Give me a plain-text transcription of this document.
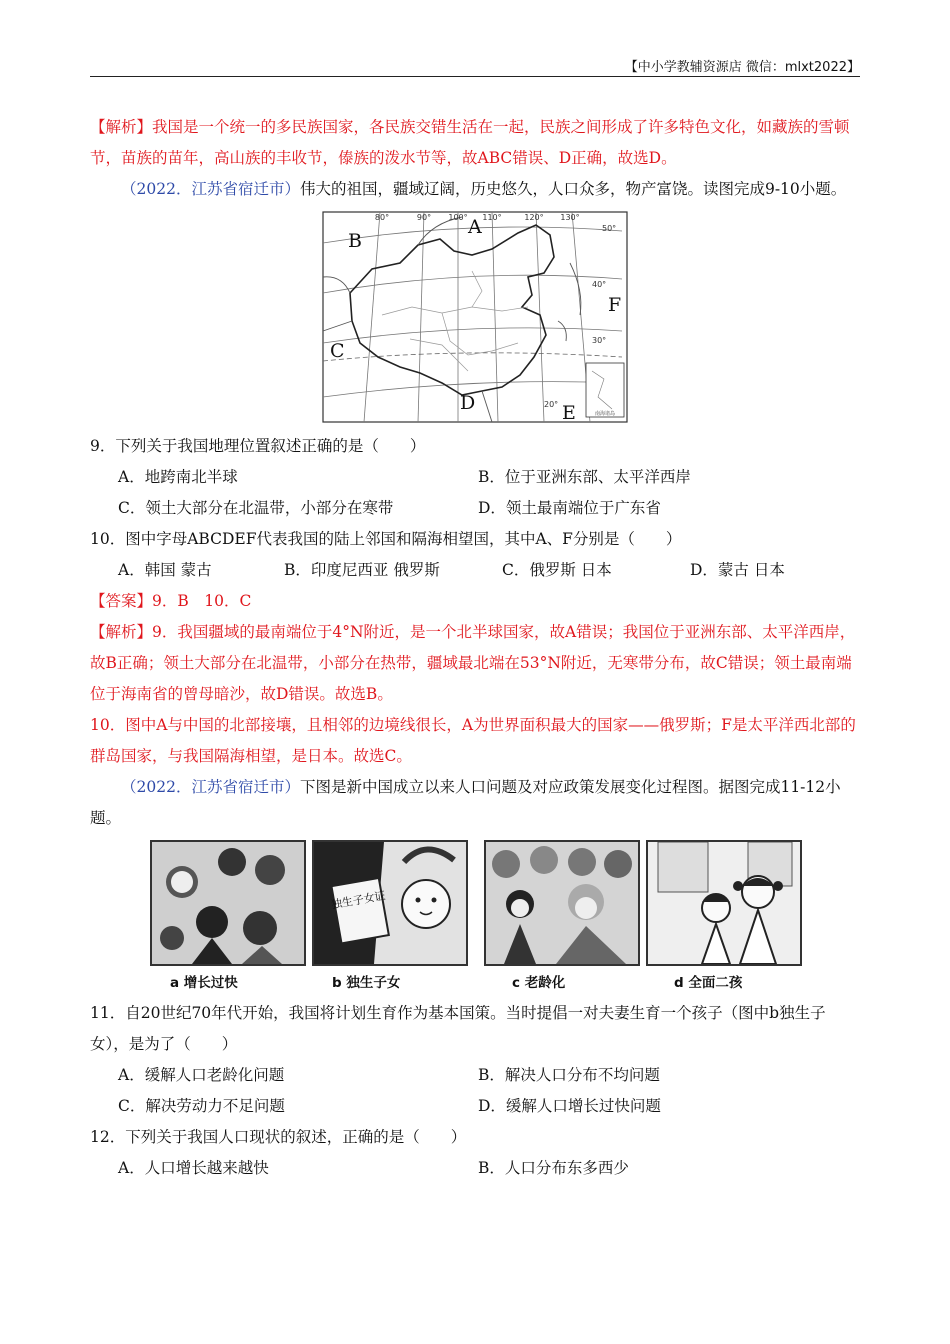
【中小学教辅资源店 微信：mlxt2022】

【解析】我国是一个统一的多民族国家，各民族交错生活在一起，民族之间形成了许多特色文化，如藏族的雪顿节，苗族的苗年，高山族的丰收节，傣族的泼水节等，故ABC错误、D正确，故选D。

（2022．江苏省宿迁市）伟大的祖国，疆域辽阔，历史悠久，人口众多，物产富饶。读图完成9-10小题。

南海诸岛
80°	90° 100° 110°	120° 130°
50°
40°
30°
20°
A
B
C
D	E
F

9．下列关于我国地理位置叙述正确的是（　　）

A．地跨南北半球	B．位于亚洲东部、太平洋西岸
C．领土大部分在北温带，小部分在寒带	D．领土最南端位于广东省

10．图中字母ABCDEF代表我国的陆上邻国和隔海相望国，其中A、F分别是（　　）

A．韩国 蒙古	B．印度尼西亚 俄罗斯	C．俄罗斯 日本	D．蒙古 日本

【答案】9．B　10．C

【解析】9．我国疆域的最南端位于4°N附近，是一个北半球国家，故A错误；我国位于亚洲东部、太平洋西岸，故B正确；领土大部分在北温带，小部分在热带，疆域最北端在53°N附近，无寒带分布，故C错误；领土最南端位于海南省的曾母暗沙，故D错误。故选B。

10．图中A与中国的北部接壤，且相邻的边境线很长，A为世界面积最大的国家——俄罗斯；F是太平洋西北部的群岛国家，与我国隔海相望，是日本。故选C。

（2022．江苏省宿迁市）下图是新中国成立以来人口问题及对应政策发展变化过程图。据图完成11-12小题。

独生子女证
a 增长过快	b 独生子女	c 老龄化	d 全面二孩

11．自20世纪70年代开始，我国将计划生育作为基本国策。当时提倡一对夫妻生育一个孩子（图中b独生子女），是为了（　　）

A．缓解人口老龄化问题	B．解决人口分布不均问题
C．解决劳动力不足问题	D．缓解人口增长过快问题

12．下列关于我国人口现状的叙述，正确的是（　　）

A．人口增长越来越快	B．人口分布东多西少
